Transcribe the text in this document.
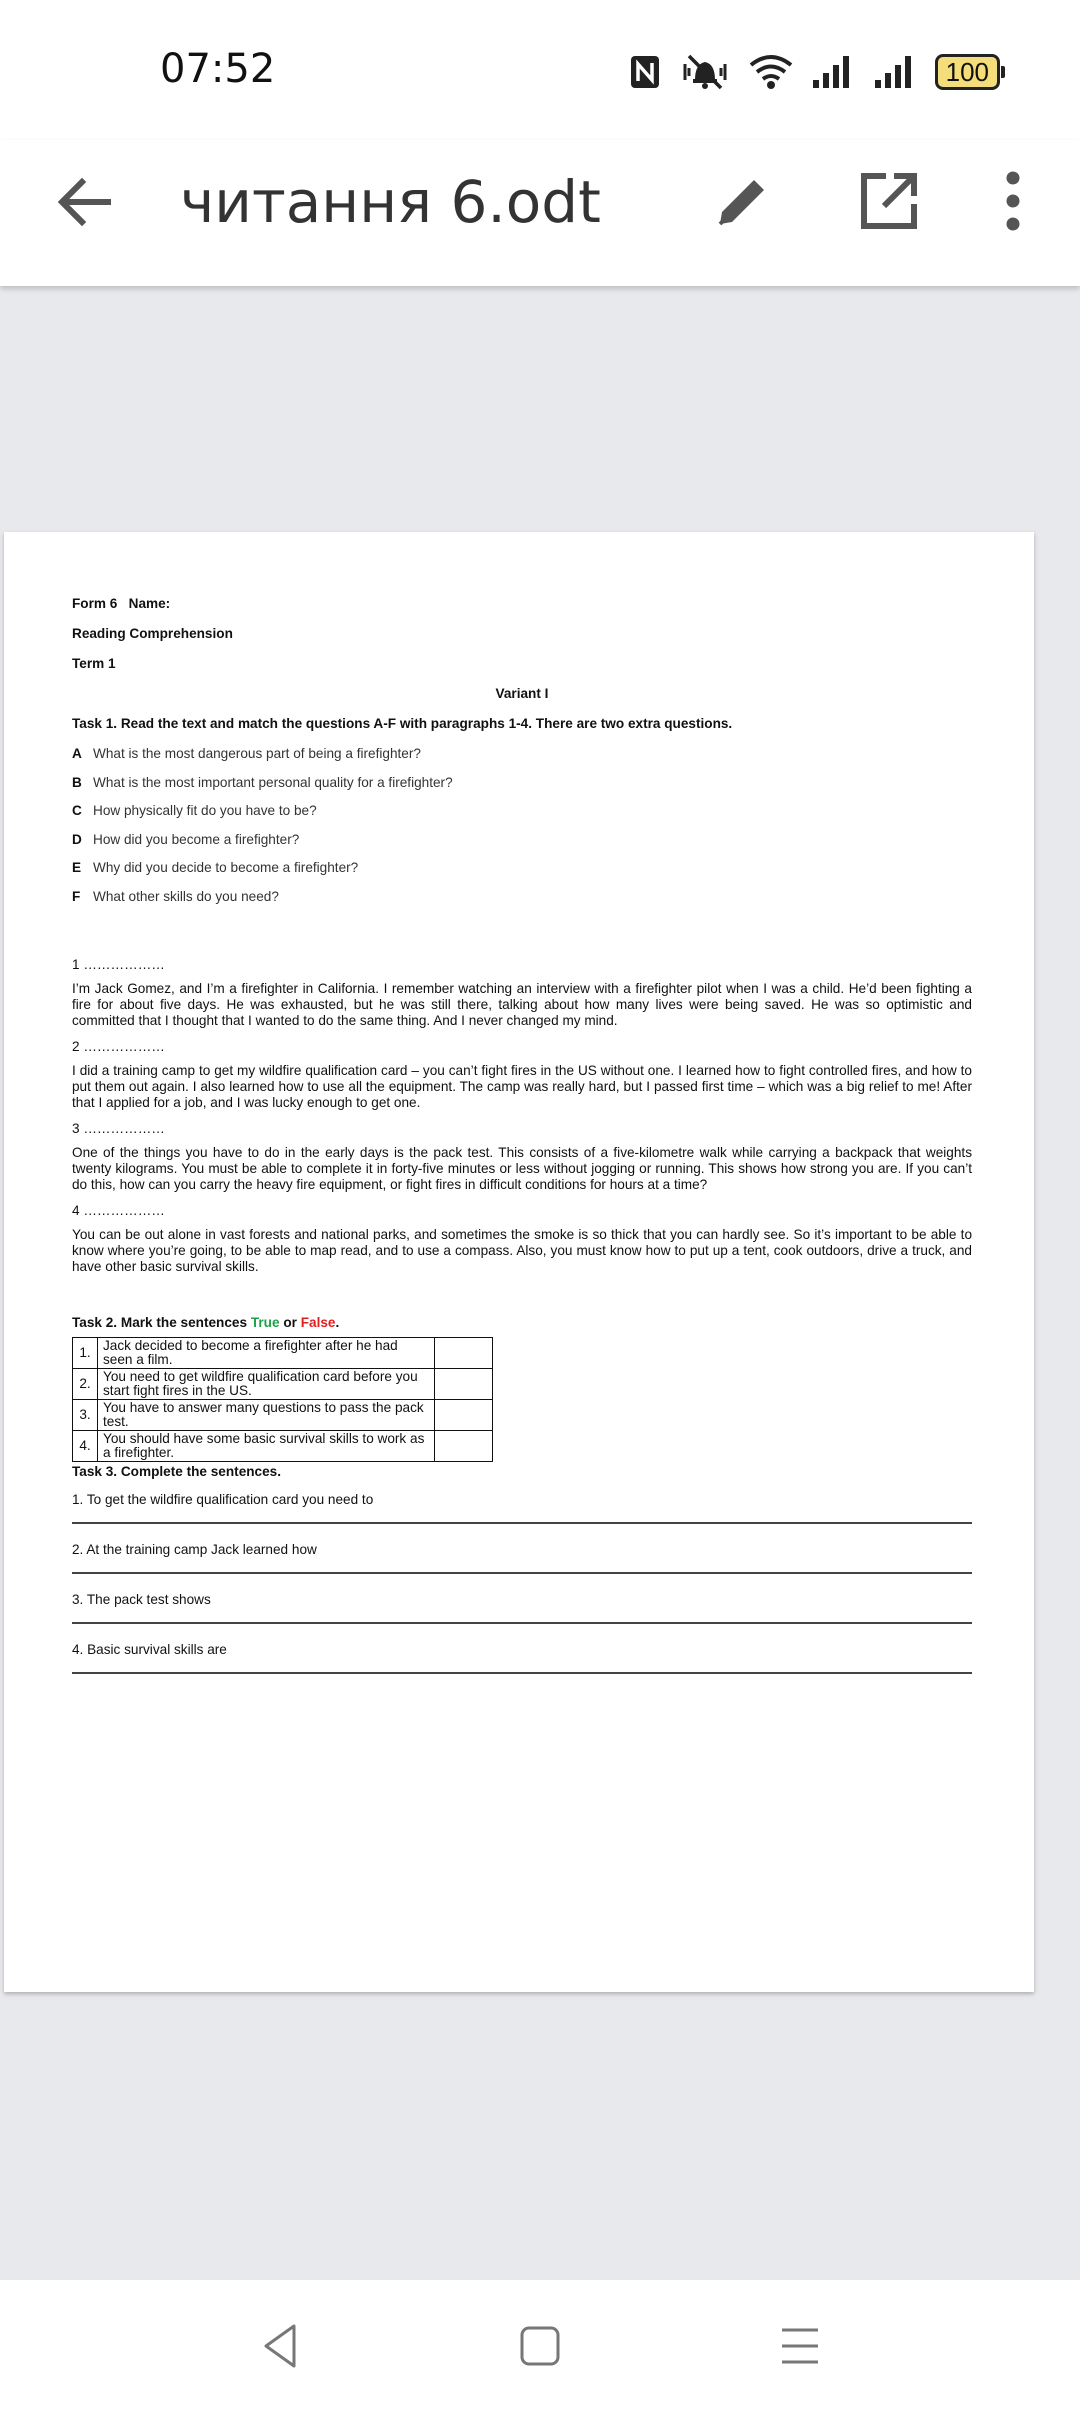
07:52	100
читання 6.odt
Form 6   Name:
Reading Comprehension
Term 1
Variant I
Task 1. Read the text and match the questions A-F with paragraphs 1-4. There are two extra questions.
A What is the most dangerous part of being a firefighter?
B What is the most important personal quality for a firefighter?
C How physically fit do you have to be?
D How did you become a firefighter?
E Why did you decide to become a firefighter?
F What other skills do you need?
1 ………………
I’m Jack Gomez, and I’m a firefighter in California. I remember watching an interview with a firefighter pilot when I was a child. He’d been fighting a fire for about five days. He was exhausted, but he was still there, talking about how many lives were being saved. He was so optimistic and committed that I thought that I wanted to do the same thing. And I never changed my mind.
2 ………………
I did a training camp to get my wildfire qualification card – you can’t fight fires in the US without one. I learned how to fight controlled fires, and how to put them out again. I also learned how to use all the equipment. The camp was really hard, but I passed first time – which was a big relief to me! After that I applied for a job, and I was lucky enough to get one.
3 ………………
One of the things you have to do in the early days is the pack test. This consists of a five-kilometre walk while carrying a backpack that weights twenty kilograms. You must be able to complete it in forty-five minutes or less without jogging or running. This shows how strong you are. If you can’t do this, how can you carry the heavy fire equipment, or fight fires in difficult conditions for hours at a time?
4 ………………
You can be out alone in vast forests and national parks, and sometimes the smoke is so thick that you can hardly see. So it’s important to be able to know where you’re going, to be able to map read, and to use a compass. Also, you must know how to put up a tent, cook outdoors, drive a truck, and have other basic survival skills.
Task 2. Mark the sentences True or False.
1.	Jack decided to become a firefighter after he had seen a film.	
2.	You need to get wildfire qualification card before you start fight fires in the US.	
3.	You have to answer many questions to pass the pack test.	
4.	You should have some basic survival skills to work as a firefighter.	
Task 3. Complete the sentences.
1. To get the wildfire qualification card you need to
2. At the training camp Jack learned how
3. The pack test shows
4. Basic survival skills are
